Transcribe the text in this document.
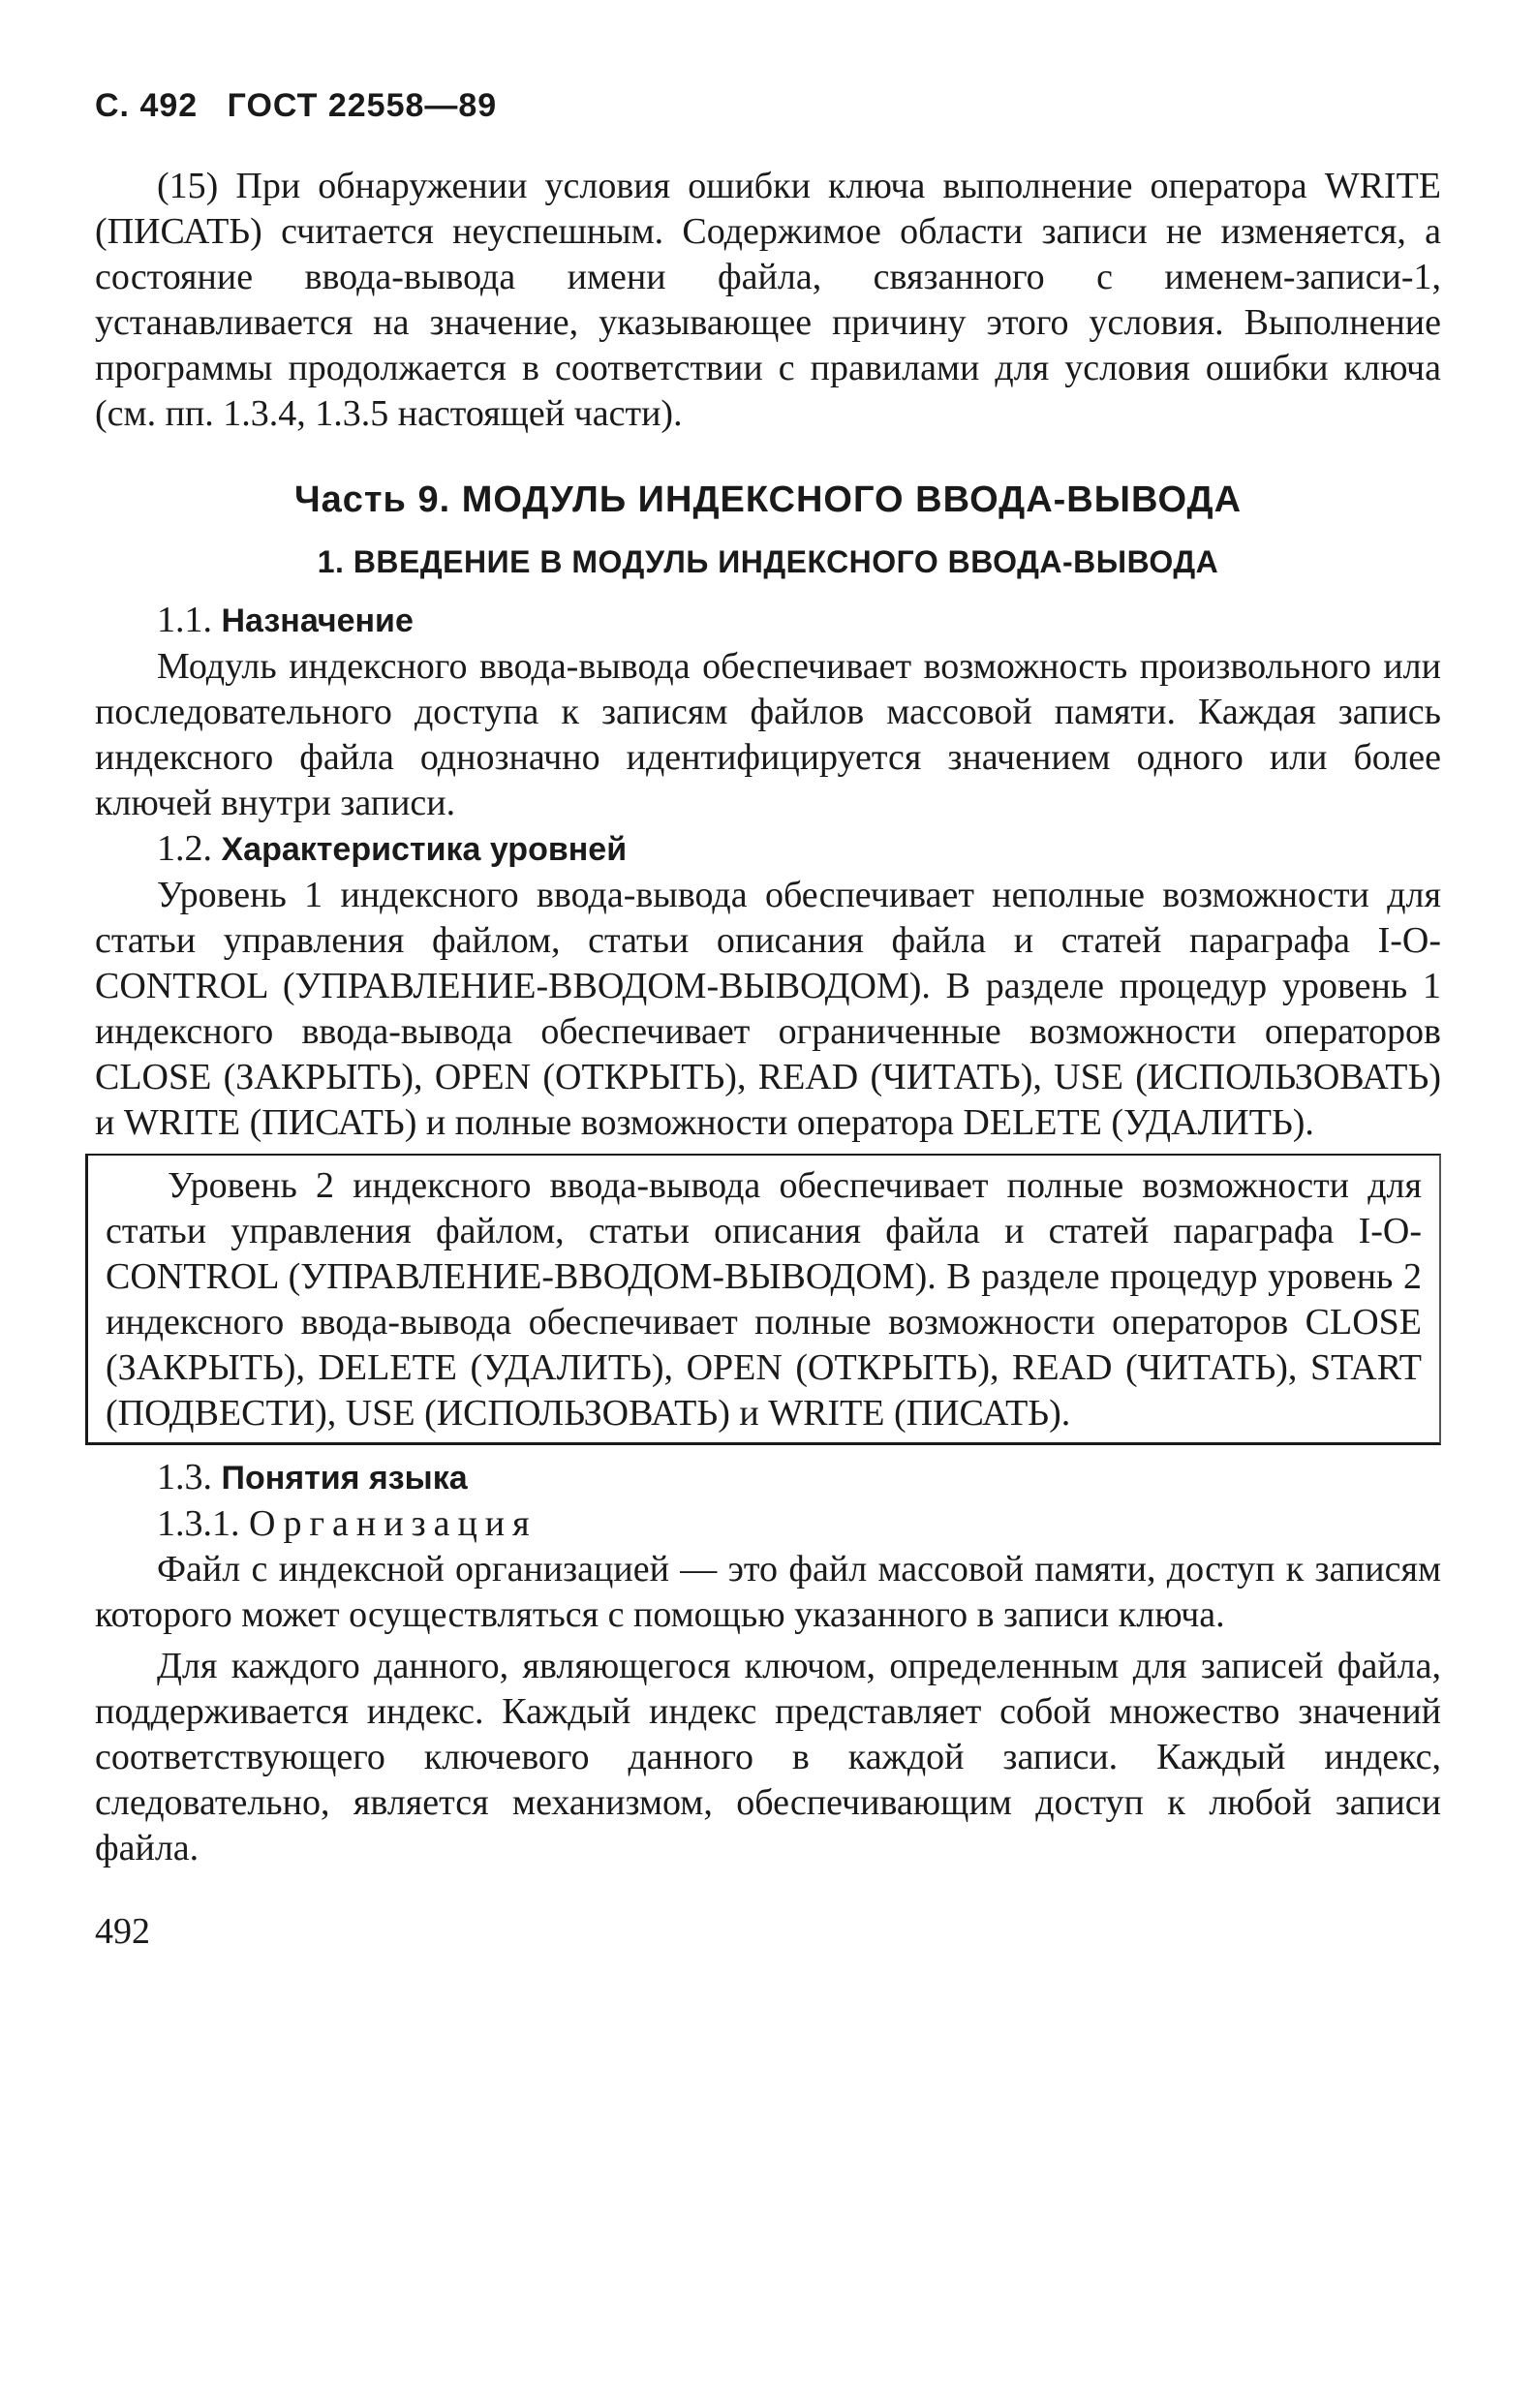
С. 492 ГОСТ 22558—89

(15) При обнаружении условия ошибки ключа выполнение оператора WRITE (ПИСАТЬ) считается неуспешным. Содержимое области записи не изменяется, а состояние ввода-вывода имени файла, связанного с именем-записи-1, устанавливается на значение, указывающее причину этого условия. Выполнение программы продолжается в соответствии с правилами для условия ошибки ключа (см. пп. 1.3.4, 1.3.5 настоящей части).

Часть 9. МОДУЛЬ ИНДЕКСНОГО ВВОДА-ВЫВОДА
1. ВВЕДЕНИЕ В МОДУЛЬ ИНДЕКСНОГО ВВОДА-ВЫВОДА
1.1. Назначение

Модуль индексного ввода-вывода обеспечивает возможность произвольного или последовательного доступа к записям файлов массовой памяти. Каждая запись индексного файла однозначно идентифицируется значением одного или более ключей внутри записи.

1.2. Характеристика уровней

Уровень 1 индексного ввода-вывода обеспечивает неполные возможности для статьи управления файлом, статьи описания файла и статей параграфа I-O-CONTROL (УПРАВЛЕНИЕ-ВВОДОМ-ВЫВОДОМ). В разделе процедур уровень 1 индексного ввода-вывода обеспечивает ограниченные возможности операторов CLOSE (ЗАКРЫТЬ), OPEN (ОТКРЫТЬ), READ (ЧИТАТЬ), USE (ИСПОЛЬЗОВАТЬ) и WRITE (ПИСАТЬ) и полные возможности оператора DELETE (УДАЛИТЬ).

Уровень 2 индексного ввода-вывода обеспечивает полные возможности для статьи управления файлом, статьи описания файла и статей параграфа I-O-CONTROL (УПРАВЛЕНИЕ-ВВОДОМ-ВЫВОДОМ). В разделе процедур уровень 2 индексного ввода-вывода обеспечивает полные возможности операторов CLOSE (ЗАКРЫТЬ), DELETE (УДАЛИТЬ), OPEN (ОТКРЫТЬ), READ (ЧИТАТЬ), START (ПОДВЕСТИ), USE (ИСПОЛЬЗОВАТЬ) и WRITE (ПИСАТЬ).

1.3. Понятия языка
1.3.1. Организация

Файл с индексной организацией — это файл массовой памяти, доступ к записям которого может осуществляться с помощью указанного в записи ключа.

Для каждого данного, являющегося ключом, определенным для записей файла, поддерживается индекс. Каждый индекс представляет собой множество значений соответствующего ключевого данного в каждой записи. Каждый индекс, следовательно, является механизмом, обеспечивающим доступ к любой записи файла.

492
